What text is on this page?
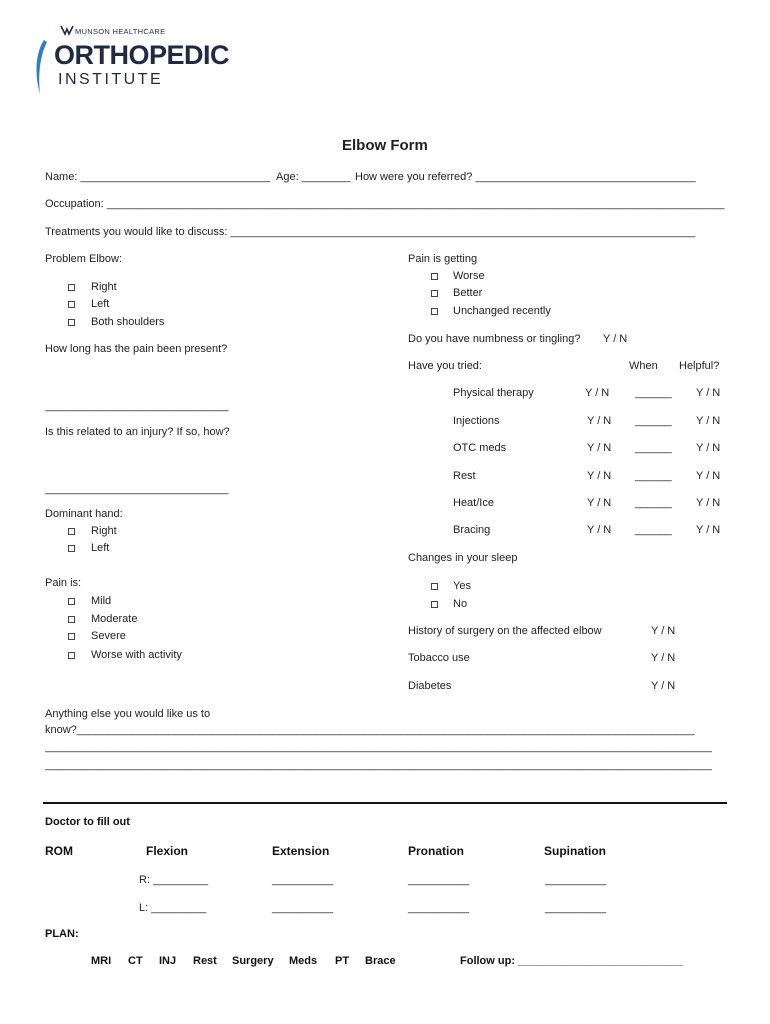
MUNSON HEALTHCARE
ORTHOPEDIC
INSTITUTE
Elbow Form
Name: _______________________________ Age: ________ How were you referred? ____________________________________
Occupation: _____________________________________________________________________________________________________
Treatments you would like to discuss: ____________________________________________________________________________
Problem Elbow:
Right
Left
Both shoulders
How long has the pain been present?
______________________________
Is this related to an injury? If so, how?
______________________________
Dominant hand:
Right
Left
Pain is:
Mild
Moderate
Severe
Worse with activity
Pain is getting
Worse
Better
Unchanged recently
Do you have numbness or tingling? Y / N
Have you tried:	When Helpful?
Physical therapy	Y / N ______ Y / N
Injections	Y / N ______ Y / N
OTC meds	Y / N ______ Y / N
Rest	Y / N ______ Y / N
Heat/Ice	Y / N ______ Y / N
Bracing	Y / N ______ Y / N
Changes in your sleep
Yes
No
History of surgery on the affected elbow	Y / N
Tobacco use	Y / N
Diabetes	Y / N
Anything else you would like us to
know?_____________________________________________________________________________________________________
_____________________________________________________________________________________________________________
_____________________________________________________________________________________________________________
Doctor to fill out
ROM	Flexion	Extension	Pronation	Supination
R: _________	__________	__________	__________
L: _________	__________	__________	__________
PLAN:
MRI CT INJ Rest Surgery Meds PT Brace	Follow up: ___________________________
